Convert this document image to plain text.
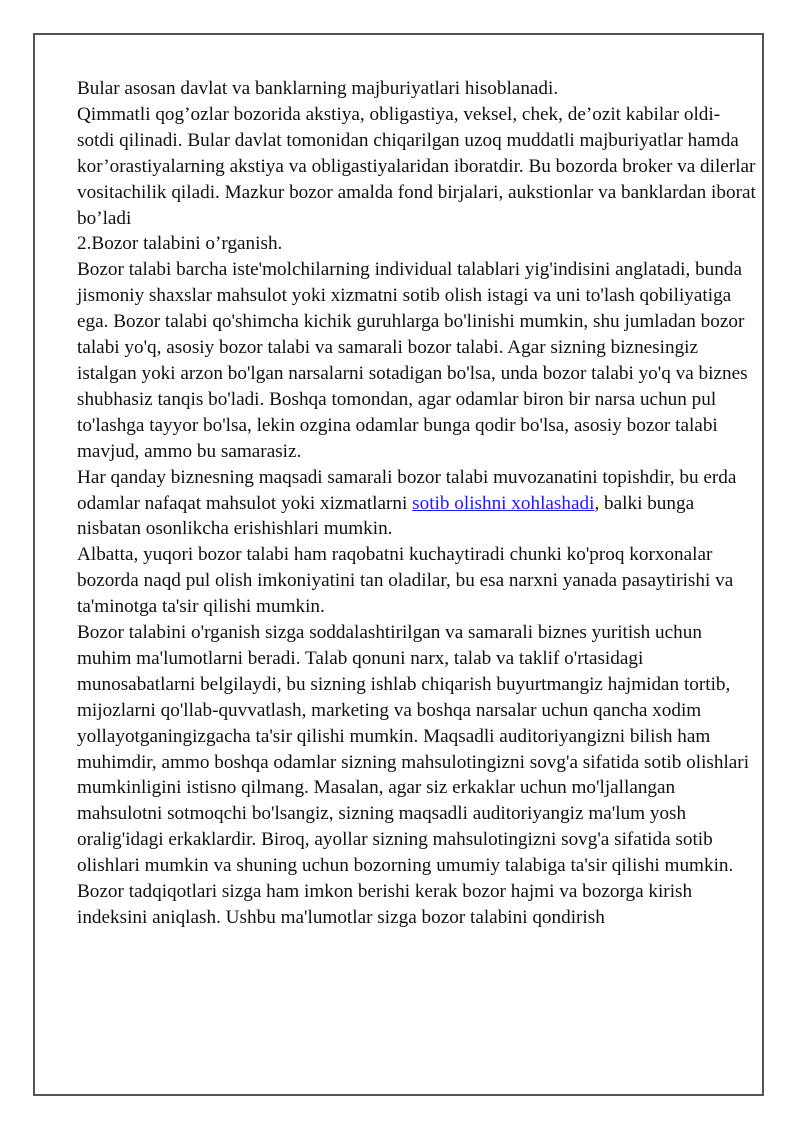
Bular asosan davlat va banklarning majburiyatlari hisoblanadi.

Qimmatli qog’ozlar bozorida akstiya, obligastiya, veksel, chek, de’ozit kabilar oldi-sotdi qilinadi. Bular davlat tomonidan chiqarilgan uzoq muddatli majburiyatlar hamda kor’orastiyalarning akstiya va obligastiyalaridan iboratdir. Bu bozorda broker va dilerlar vositachilik qiladi. Mazkur bozor amalda fond birjalari, aukstionlar va banklardan iborat bo’ladi

2.Bozor talabini o’rganish.

Bozor talabi barcha iste'molchilarning individual talablari yig'indisini anglatadi, bunda jismoniy shaxslar mahsulot yoki xizmatni sotib olish istagi va uni to'lash qobiliyatiga ega. Bozor talabi qo'shimcha kichik guruhlarga bo'linishi mumkin, shu jumladan bozor talabi yo'q, asosiy bozor talabi va samarali bozor talabi. Agar sizning biznesingiz istalgan yoki arzon bo'lgan narsalarni sotadigan bo'lsa, unda bozor talabi yo'q va biznes shubhasiz tanqis bo'ladi. Boshqa tomondan, agar odamlar biron bir narsa uchun pul to'lashga tayyor bo'lsa, lekin ozgina odamlar bunga qodir bo'lsa, asosiy bozor talabi mavjud, ammo bu samarasiz.

Har qanday biznesning maqsadi samarali bozor talabi muvozanatini topishdir, bu erda odamlar nafaqat mahsulot yoki xizmatlarni sotib olishni xohlashadi, balki bunga nisbatan osonlikcha erishishlari mumkin.

Albatta, yuqori bozor talabi ham raqobatni kuchaytiradi chunki ko'proq korxonalar bozorda naqd pul olish imkoniyatini tan oladilar, bu esa narxni yanada pasaytirishi va ta'minotga ta'sir qilishi mumkin.

Bozor talabini o'rganish sizga soddalashtirilgan va samarali biznes yuritish uchun muhim ma'lumotlarni beradi. Talab qonuni narx, talab va taklif o'rtasidagi munosabatlarni belgilaydi, bu sizning ishlab chiqarish buyurtmangiz hajmidan tortib, mijozlarni qo'llab-quvvatlash, marketing va boshqa narsalar uchun qancha xodim yollayotganingizgacha ta'sir qilishi mumkin. Maqsadli auditoriyangizni bilish ham muhimdir, ammo boshqa odamlar sizning mahsulotingizni sovg'a sifatida sotib olishlari mumkinligini istisno qilmang. Masalan, agar siz erkaklar uchun mo'ljallangan mahsulotni sotmoqchi bo'lsangiz, sizning maqsadli auditoriyangiz ma'lum yosh oralig'idagi erkaklardir. Biroq, ayollar sizning mahsulotingizni sovg'a sifatida sotib olishlari mumkin va shuning uchun bozorning umumiy talabiga ta'sir qilishi mumkin.

Bozor tadqiqotlari sizga ham imkon berishi kerak bozor hajmi va bozorga kirish indeksini aniqlash. Ushbu ma'lumotlar sizga bozor talabini qondirish
